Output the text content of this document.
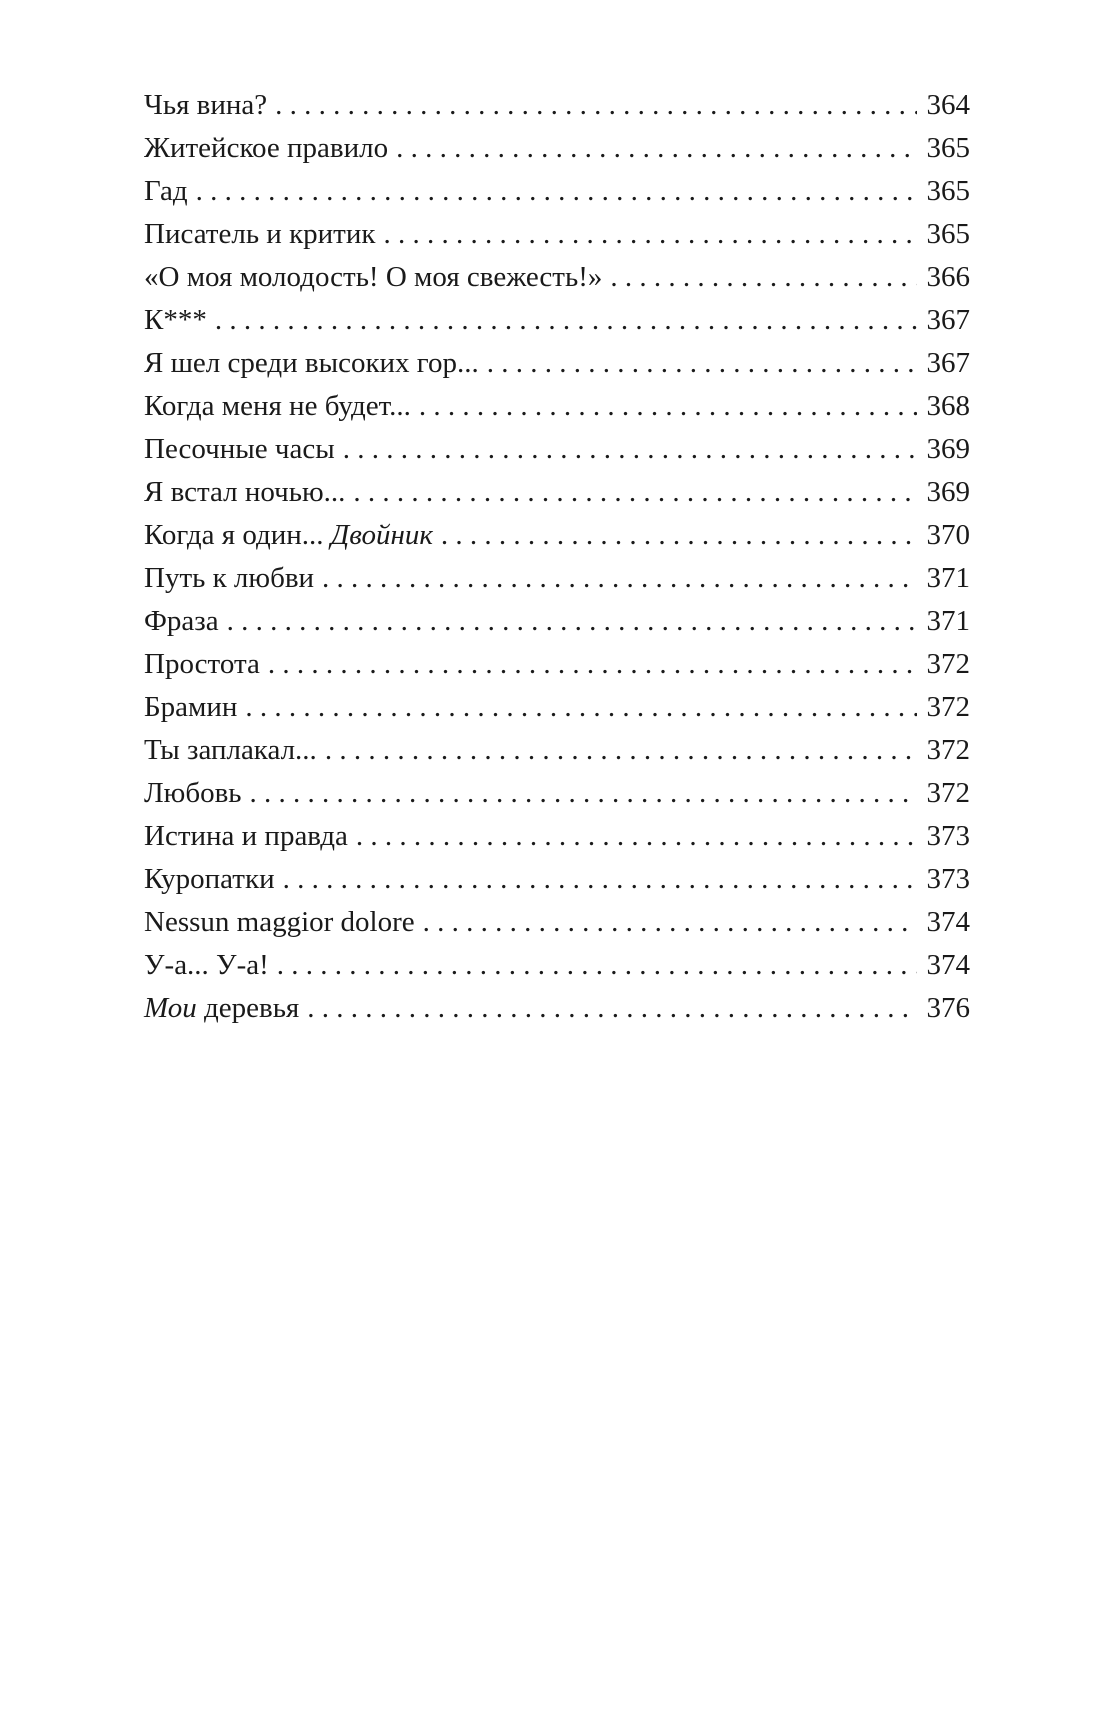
Чья вина? . . .	364
Житейское правило . . .	365
Гад . . .	365
Писатель и критик . . .	365
«О моя молодость! О моя свежесть!» . . .	366
К*** . . .	367
Я шел среди высоких гор... . . .	367
Когда меня не будет... . . .	368
Песочные часы . . .	369
Я встал ночью... . . .	369
Когда я один... Двойник . . .	370
Путь к любви . . .	371
Фраза . . .	371
Простота . . .	372
Брамин . . .	372
Ты заплакал... . . .	372
Любовь . . .	372
Истина и правда . . .	373
Куропатки . . .	373
Nessun maggior dolore . . .	374
У-а... У-а! . . .	374
Мои деревья . . .	376
